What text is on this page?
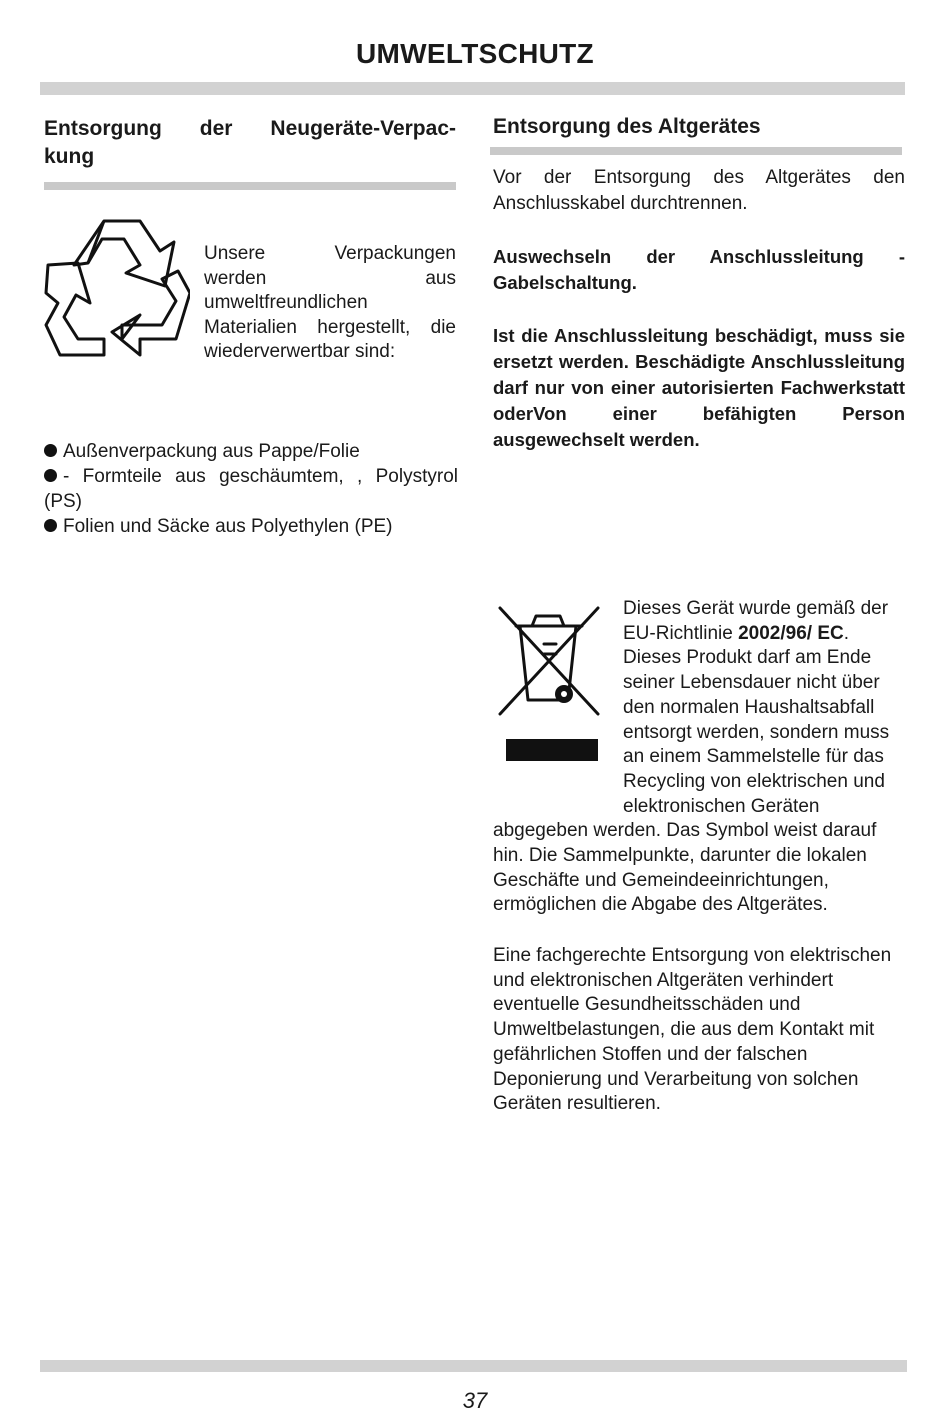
UMWELTSCHUTZ
Entsorgung der Neugeräte-Verpac-
kung

Unsere Verpackungen werden aus umweltfreundlichen Materialien hergestellt, die wiederverwertbar sind:

Außenverpackung aus Pappe/Folie
- Formteile aus geschäumtem, , Polystyrol (PS)
Folien und Säcke aus Polyethylen (PE)
Entsorgung des Altgerätes

Vor der Entsorgung des Altgerätes den Anschlusskabel durchtrennen.

Auswechseln der Anschlussleitung - Gabelschaltung.

Ist die Anschlussleitung beschädigt, muss sie ersetzt werden. Beschädigte Anschlussleitung darf nur von einer autorisierten Fachwerkstatt oderVon einer befähigten Person ausgewechselt werden.

Dieses Gerät wurde gemäß der EU-Richtlinie 2002/96/ EC. Dieses Produkt darf am Ende seiner Lebensdauer nicht über den normalen Haushaltsabfall entsorgt werden, sondern muss an einem Sammelstelle für das Recycling von elektrischen und elektronischen Geräten abgegeben werden. Das Symbol weist darauf hin. Die Sammelpunkte, darunter die lokalen Geschäfte und Gemeindeeinrichtungen, ermöglichen die Abgabe des Altgerätes.

Eine fachgerechte Entsorgung von elektrischen und elektronischen Altgeräten verhindert eventuelle Gesundheitsschäden und Umweltbelastungen, die aus dem Kontakt mit gefährlichen Stoffen und der falschen Deponierung und Verarbeitung von solchen Geräten resultieren.

37
